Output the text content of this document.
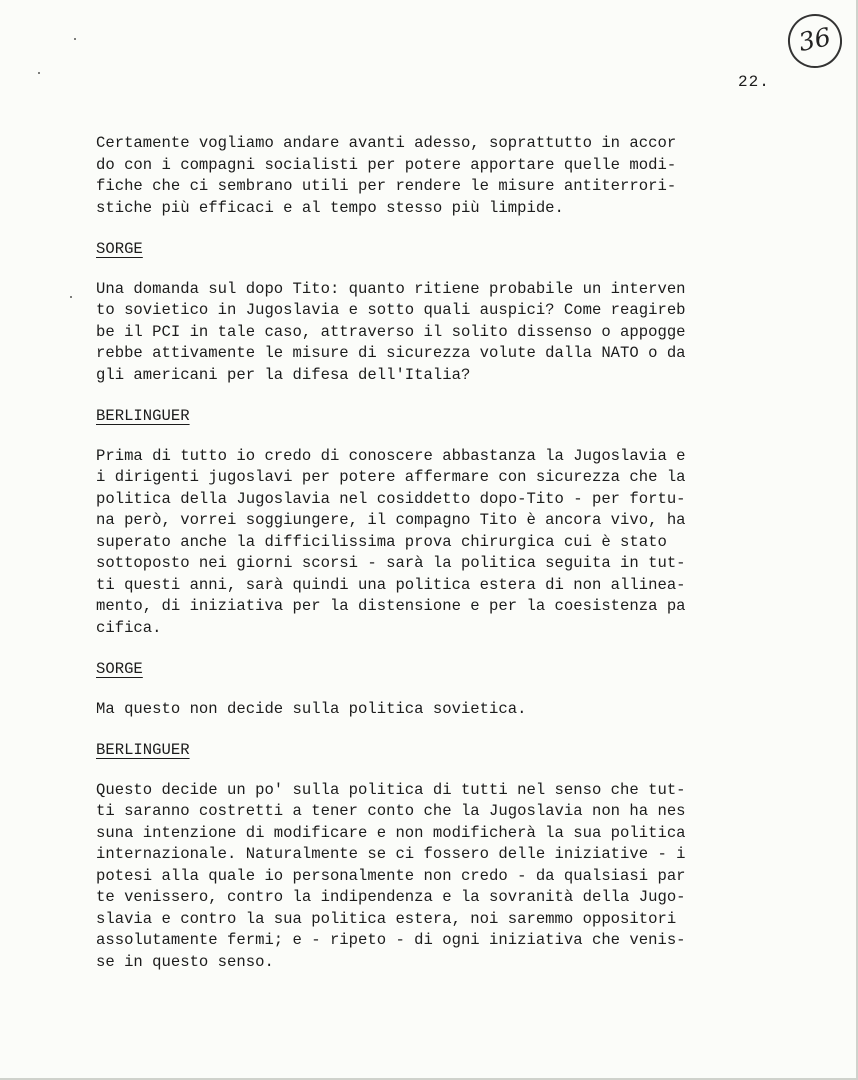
36
22.

Certamente vogliamo andare avanti adesso, soprattutto in accor
do con i compagni socialisti per potere apportare quelle modi-
fiche che ci sembrano utili per rendere le misure antiterrori-
stiche più efficaci e al tempo stesso più limpide.

SORGE

Una domanda sul dopo Tito: quanto ritiene probabile un interven
to sovietico in Jugoslavia e sotto quali auspici? Come reagireb
be il PCI in tale caso, attraverso il solito dissenso o appogge
rebbe attivamente le misure di sicurezza volute dalla NATO o da
gli americani per la difesa dell'Italia?

BERLINGUER

Prima di tutto io credo di conoscere abbastanza la Jugoslavia e
i dirigenti jugoslavi per potere affermare con sicurezza che la
politica della Jugoslavia nel cosiddetto dopo-Tito - per fortu-
na però, vorrei soggiungere, il compagno Tito è ancora vivo, ha
superato anche la difficilissima prova chirurgica cui è stato
sottoposto nei giorni scorsi - sarà la politica seguita in tut-
ti questi anni, sarà quindi una politica estera di non allinea-
mento, di iniziativa per la distensione e per la coesistenza pa
cifica.

SORGE

Ma questo non decide sulla politica sovietica.

BERLINGUER

Questo decide un po' sulla politica di tutti nel senso che tut-
ti saranno costretti a tener conto che la Jugoslavia non ha nes
suna intenzione di modificare e non modificherà la sua politica
internazionale. Naturalmente se ci fossero delle iniziative - i
potesi alla quale io personalmente non credo - da qualsiasi par
te venissero, contro la indipendenza e la sovranità della Jugo-
slavia e contro la sua politica estera, noi saremmo oppositori
assolutamente fermi; e - ripeto - di ogni iniziativa che venis-
se in questo senso.
